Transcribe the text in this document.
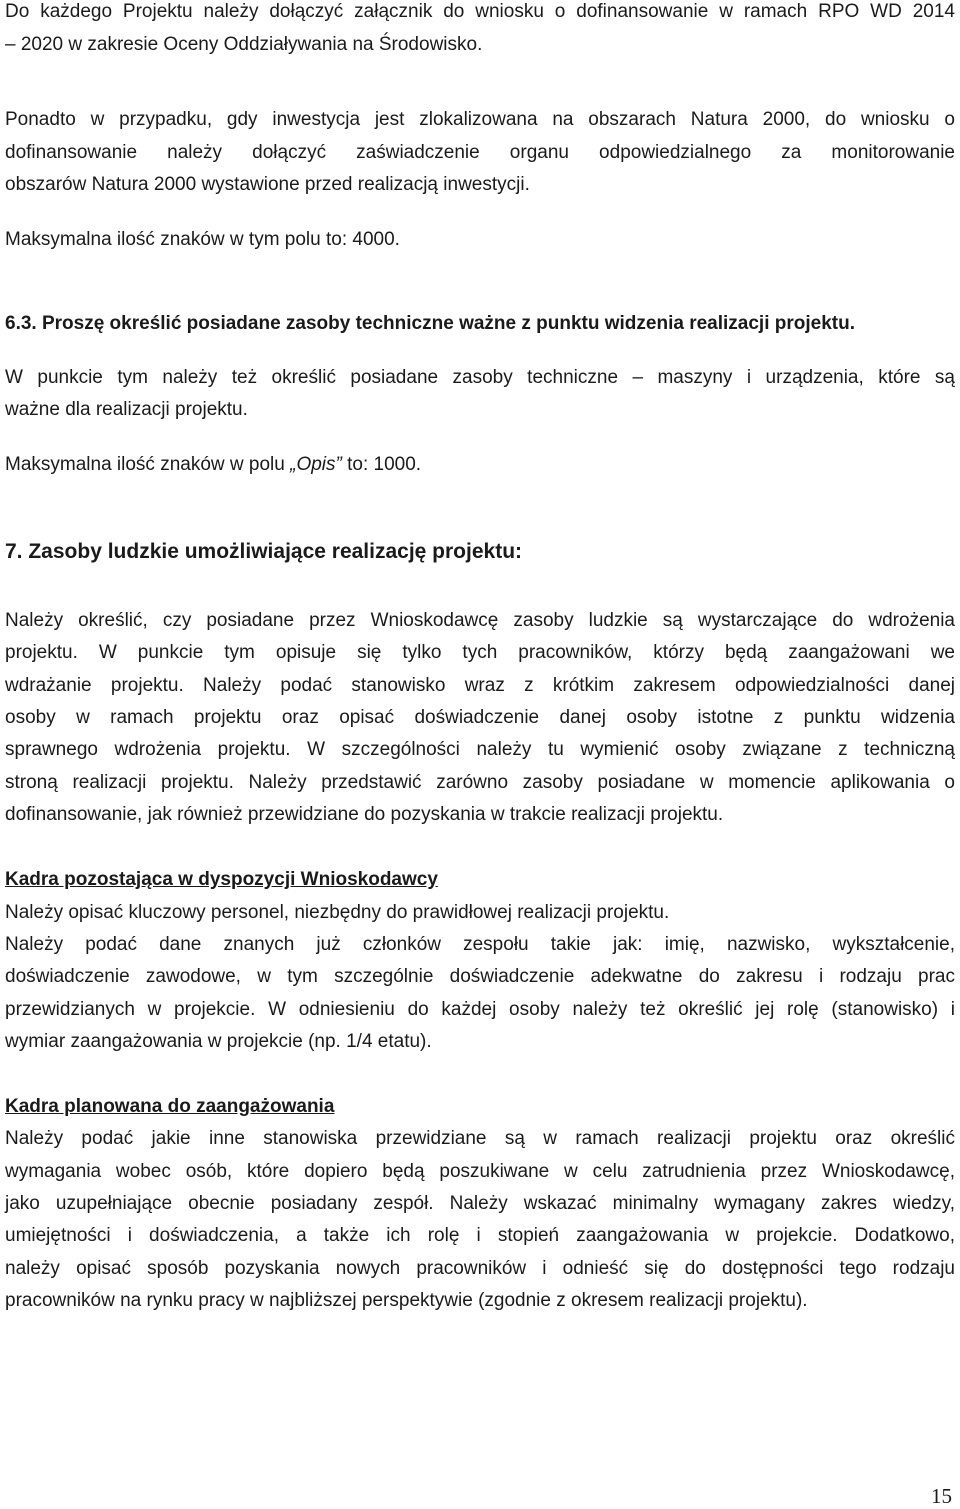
Do każdego Projektu należy dołączyć załącznik do wniosku o dofinansowanie w ramach RPO WD 2014
– 2020 w zakresie Oceny Oddziaływania na Środowisko.
Ponadto w przypadku, gdy inwestycja jest zlokalizowana na obszarach Natura 2000, do wniosku o
dofinansowanie należy dołączyć zaświadczenie organu odpowiedzialnego za monitorowanie
obszarów Natura 2000 wystawione przed realizacją inwestycji.
Maksymalna ilość znaków w tym polu to: 4000.
6.3. Proszę określić posiadane zasoby techniczne ważne z punktu widzenia realizacji projektu.
W punkcie tym należy też określić posiadane zasoby techniczne – maszyny i urządzenia, które są
ważne dla realizacji projektu.
Maksymalna ilość znaków w polu „Opis” to: 1000.
7. Zasoby ludzkie umożliwiające realizację projektu:
Należy określić, czy posiadane przez Wnioskodawcę zasoby ludzkie są wystarczające do wdrożenia
projektu. W punkcie tym opisuje się tylko tych pracowników, którzy będą zaangażowani we
wdrażanie projektu. Należy podać stanowisko wraz z krótkim zakresem odpowiedzialności danej
osoby w ramach projektu oraz opisać doświadczenie danej osoby istotne z punktu widzenia
sprawnego wdrożenia projektu. W szczególności należy tu wymienić osoby związane z techniczną
stroną realizacji projektu. Należy przedstawić zarówno zasoby posiadane w momencie aplikowania o
dofinansowanie, jak również przewidziane do pozyskania w trakcie realizacji projektu.
Kadra pozostająca w dyspozycji Wnioskodawcy
Należy opisać kluczowy personel, niezbędny do prawidłowej realizacji projektu.
Należy podać dane znanych już członków zespołu takie jak: imię, nazwisko, wykształcenie,
doświadczenie zawodowe, w tym szczególnie doświadczenie adekwatne do zakresu i rodzaju prac
przewidzianych w projekcie. W odniesieniu do każdej osoby należy też określić jej rolę (stanowisko) i
wymiar zaangażowania w projekcie (np. 1/4 etatu).
Kadra planowana do zaangażowania
Należy podać jakie inne stanowiska przewidziane są w ramach realizacji projektu oraz określić
wymagania wobec osób, które dopiero będą poszukiwane w celu zatrudnienia przez Wnioskodawcę,
jako uzupełniające obecnie posiadany zespół. Należy wskazać minimalny wymagany zakres wiedzy,
umiejętności i doświadczenia, a także ich rolę i stopień zaangażowania w projekcie. Dodatkowo,
należy opisać sposób pozyskania nowych pracowników i odnieść się do dostępności tego rodzaju
pracowników na rynku pracy w najbliższej perspektywie (zgodnie z okresem realizacji projektu).
15
